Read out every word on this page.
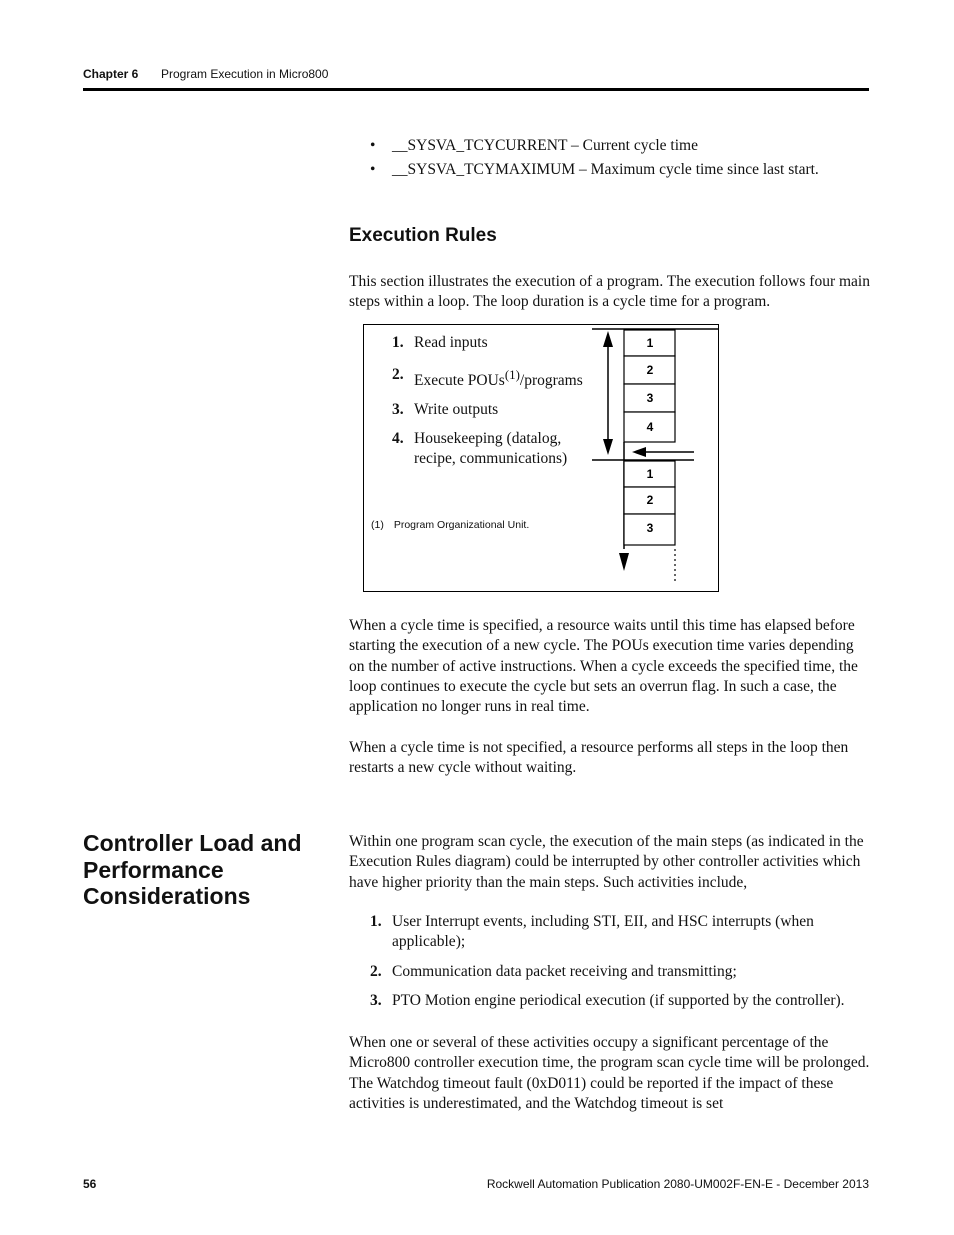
Chapter 6 Program Execution in Micro800
• __SYSVA_TCYCURRENT – Current cycle time
• __SYSVA_TCYMAXIMUM – Maximum cycle time since last start.
Execution Rules

This section illustrates the execution of a program. The execution follows four main steps within a loop. The loop duration is a cycle time for a program.

1. Read inputs
2. Execute POUs$^{(1)}$/programs
3. Write outputs
4. Housekeeping (datalog, recipe, communications)
(1) Program Organizational Unit.
1
2
3
4
1
2
3

When a cycle time is specified, a resource waits until this time has elapsed before starting the execution of a new cycle. The POUs execution time varies depending on the number of active instructions. When a cycle exceeds the specified time, the loop continues to execute the cycle but sets an overrun flag. In such a case, the application no longer runs in real time.

When a cycle time is not specified, a resource performs all steps in the loop then restarts a new cycle without waiting.

Controller Load and Performance Considerations

Within one program scan cycle, the execution of the main steps (as indicated in the Execution Rules diagram) could be interrupted by other controller activities which have higher priority than the main steps. Such activities include,

1. User Interrupt events, including STI, EII, and HSC interrupts (when applicable);
2. Communication data packet receiving and transmitting;
3. PTO Motion engine periodical execution (if supported by the controller).

When one or several of these activities occupy a significant percentage of the Micro800 controller execution time, the program scan cycle time will be prolonged. The Watchdog timeout fault (0xD011) could be reported if the impact of these activities is underestimated, and the Watchdog timeout is set

56	Rockwell Automation Publication 2080-UM002F-EN-E - December 2013
